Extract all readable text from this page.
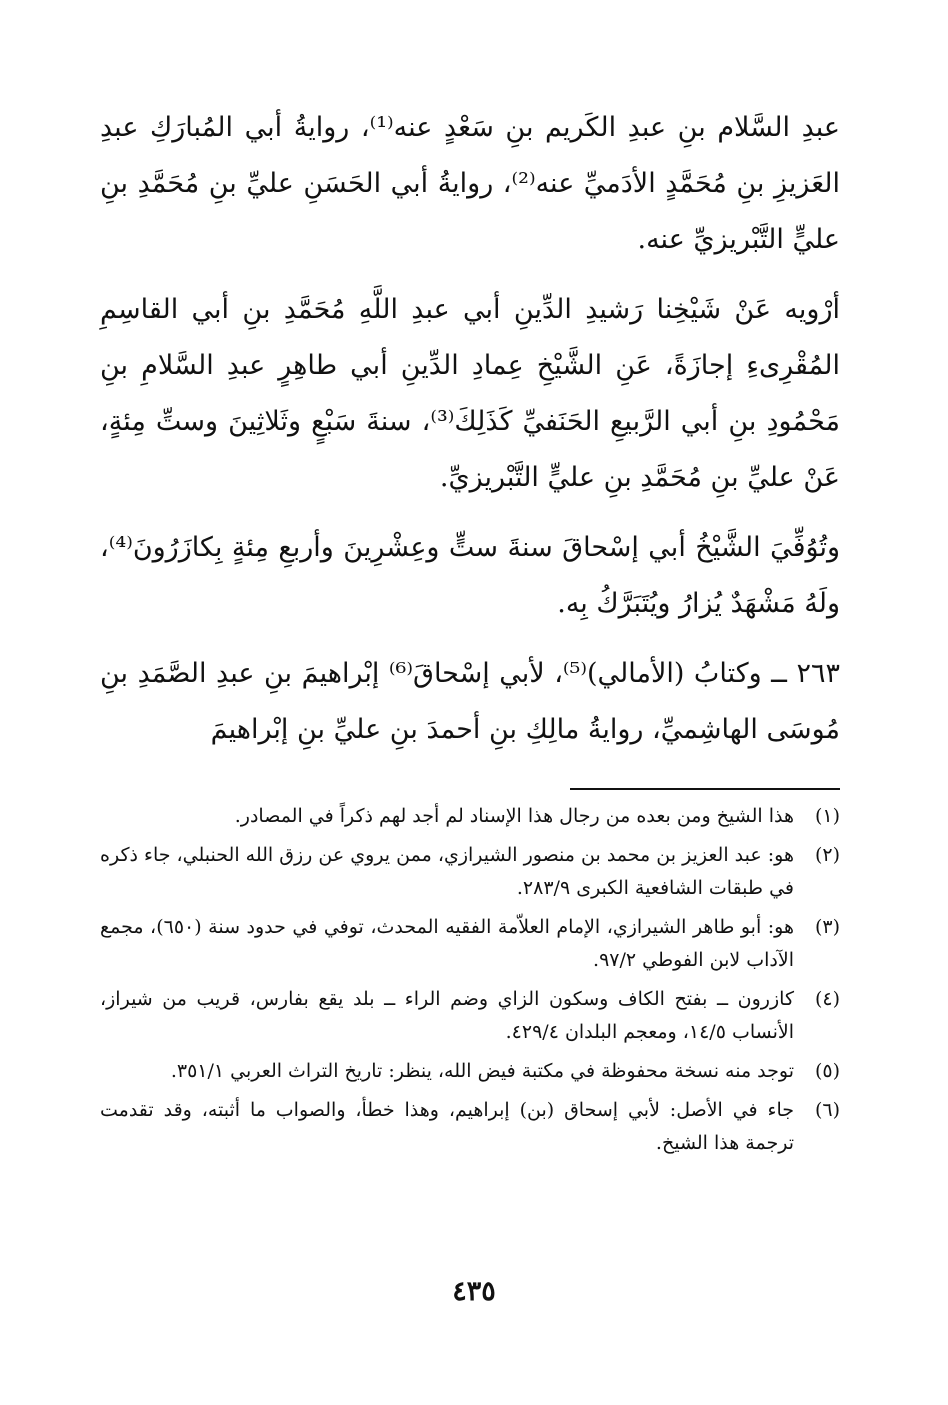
عبدِ السَّلام بنِ عبدِ الكَريم بنِ سَعْدٍ عنه⁽¹⁾، روايةُ أبي المُبارَكِ عبدِ العَزيزِ بنِ مُحَمَّدٍ الأدَميِّ عنه⁽²⁾، روايةُ أبي الحَسَنِ عليِّ بنِ مُحَمَّدِ بنِ عليٍّ التَّبْريزيِّ عنه.

أرْويه عَنْ شَيْخِنا رَشيدِ الدِّينِ أبي عبدِ اللَّهِ مُحَمَّدِ بنِ أبي القاسِمِ المُقْرِىءِ إجازَةً، عَنِ الشَّيْخِ عِمادِ الدِّينِ أبي طاهِرٍ عبدِ السَّلامِ بنِ مَحْمُودِ بنِ أبي الرَّبيعِ الحَنَفيِّ كَذَلِكَ⁽³⁾، سنةَ سَبْعٍ وثَلاثِينَ وستِّ مِئةٍ، عَنْ عليِّ بنِ مُحَمَّدِ بنِ عليٍّ التَّبْريزيِّ.

وتُوُفِّيَ الشَّيْخُ أبي إسْحاقَ سنةَ ستٍّ وعِشْرِينَ وأربعِ مِئةٍ بِكازَرُونَ⁽⁴⁾، ولَهُ مَشْهَدٌ يُزارُ ويُتَبَرَّكُ بِه.

٢٦٣ ــ وكتابُ (الأمالي)⁽⁵⁾، لأبي إسْحاقَ⁽⁶⁾ إبْراهيمَ بنِ عبدِ الصَّمَدِ بنِ مُوسَى الهاشِميِّ، روايةُ مالِكِ بنِ أحمدَ بنِ عليِّ بنِ إبْراهيمَ

(١)
هذا الشيخ ومن بعده من رجال هذا الإسناد لم أجد لهم ذكراً في المصادر.
(٢)
هو: عبد العزيز بن محمد بن منصور الشيرازي، ممن يروي عن رزق الله الحنبلي، جاء ذكره في طبقات الشافعية الكبرى ٢٨٣/٩.
(٣)
هو: أبو طاهر الشيرازي، الإمام العلاّمة الفقيه المحدث، توفي في حدود سنة (٦٥٠)، مجمع الآداب لابن الفوطي ٩٧/٢.
(٤)
كازرون ــ بفتح الكاف وسكون الزاي وضم الراء ــ بلد يقع بفارس، قريب من شيراز، الأنساب ١٤/٥، ومعجم البلدان ٤٢٩/٤.
(٥)
توجد منه نسخة محفوظة في مكتبة فيض الله، ينظر: تاريخ التراث العربي ٣٥١/١.
(٦)
جاء في الأصل: لأبي إسحاق (بن) إبراهيم، وهذا خطأ، والصواب ما أثبته، وقد تقدمت ترجمة هذا الشيخ.
٤٣٥
